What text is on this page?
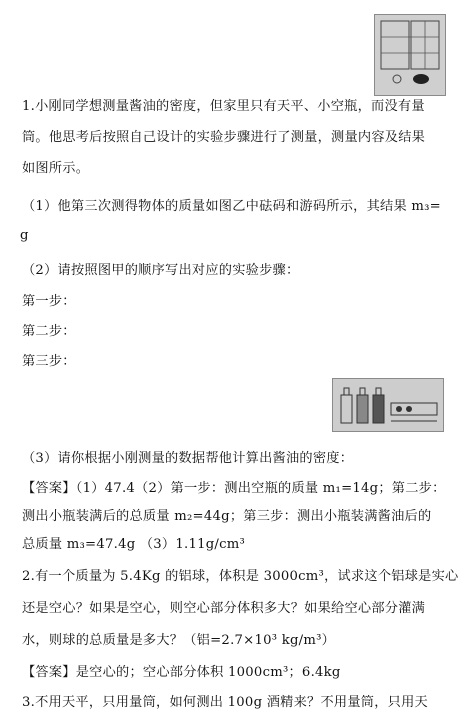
1.小刚同学想测量酱油的密度，但家里只有天平、小空瓶，而没有量
筒。他思考后按照自己设计的实验步骤进行了测量，测量内容及结果
如图所示。
（1）他第三次测得物体的质量如图乙中砝码和游码所示，其结果 m₃=
g
（2）请按照图甲的顺序写出对应的实验步骤：
第一步：
第二步：
第三步：
（3）请你根据小刚测量的数据帮他计算出酱油的密度：
【答案】（1）47.4（2）第一步：测出空瓶的质量 m₁=14g；第二步：
测出小瓶装满后的总质量 m₂=44g；第三步：测出小瓶装满酱油后的
总质量 m₃=47.4g （3）1.11g/cm³
2.有一个质量为 5.4Kg 的铝球，体积是 3000cm³，试求这个铝球是实心
还是空心？如果是空心，则空心部分体积多大？如果给空心部分灌满
水，则球的总质量是多大？（铝=2.7×10³ kg/m³）
【答案】是空心的；空心部分体积 1000cm³；6.4kg
3.不用天平，只用量筒，如何测出 100g 酒精来？不用量筒，只用天
